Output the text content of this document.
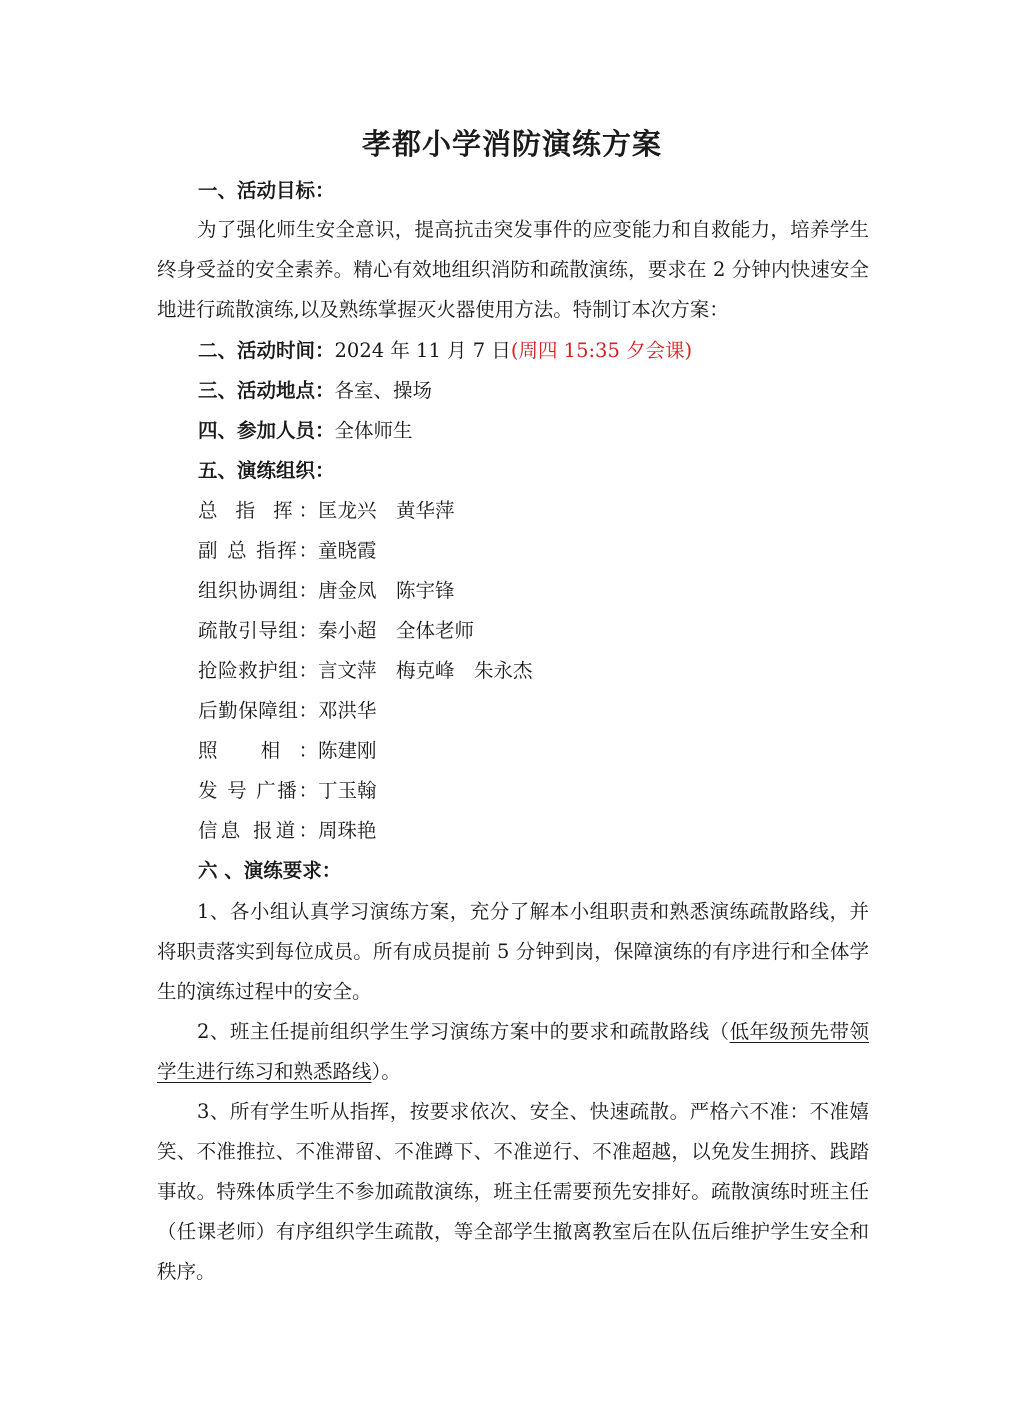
孝都小学消防演练方案
一、活动目标：
为了强化师生安全意识，提高抗击突发事件的应变能力和自救能力，培养学生终身受益的安全素养。精心有效地组织消防和疏散演练，要求在 2 分钟内快速安全地进行疏散演练,以及熟练掌握灭火器使用方法。特制订本次方案：
二、活动时间：2024 年 11 月 7 日(周四 15:35 夕会课)
三、活动地点：各室、操场
四、参加人员：全体师生
五、演练组织：
总 指 挥：匡龙兴　黄华萍
副 总 指挥：童晓霞
组织协调组：唐金凤　陈宇锋
疏散引导组：秦小超　全体老师
抢险救护组：言文萍　梅克峰　朱永杰
后勤保障组：邓洪华
照 相：陈建刚
发 号 广播：丁玉翰
信息 报道：周珠艳
六 、演练要求：
1、各小组认真学习演练方案，充分了解本小组职责和熟悉演练疏散路线，并将职责落实到每位成员。所有成员提前 5 分钟到岗，保障演练的有序进行和全体学生的演练过程中的安全。
2、班主任提前组织学生学习演练方案中的要求和疏散路线（低年级预先带领学生进行练习和熟悉路线）。
3、所有学生听从指挥，按要求依次、安全、快速疏散。严格六不准：不准嬉笑、不准推拉、不准滞留、不准蹲下、不准逆行、不准超越，以免发生拥挤、践踏事故。特殊体质学生不参加疏散演练，班主任需要预先安排好。疏散演练时班主任（任课老师）有序组织学生疏散，等全部学生撤离教室后在队伍后维护学生安全和秩序。
